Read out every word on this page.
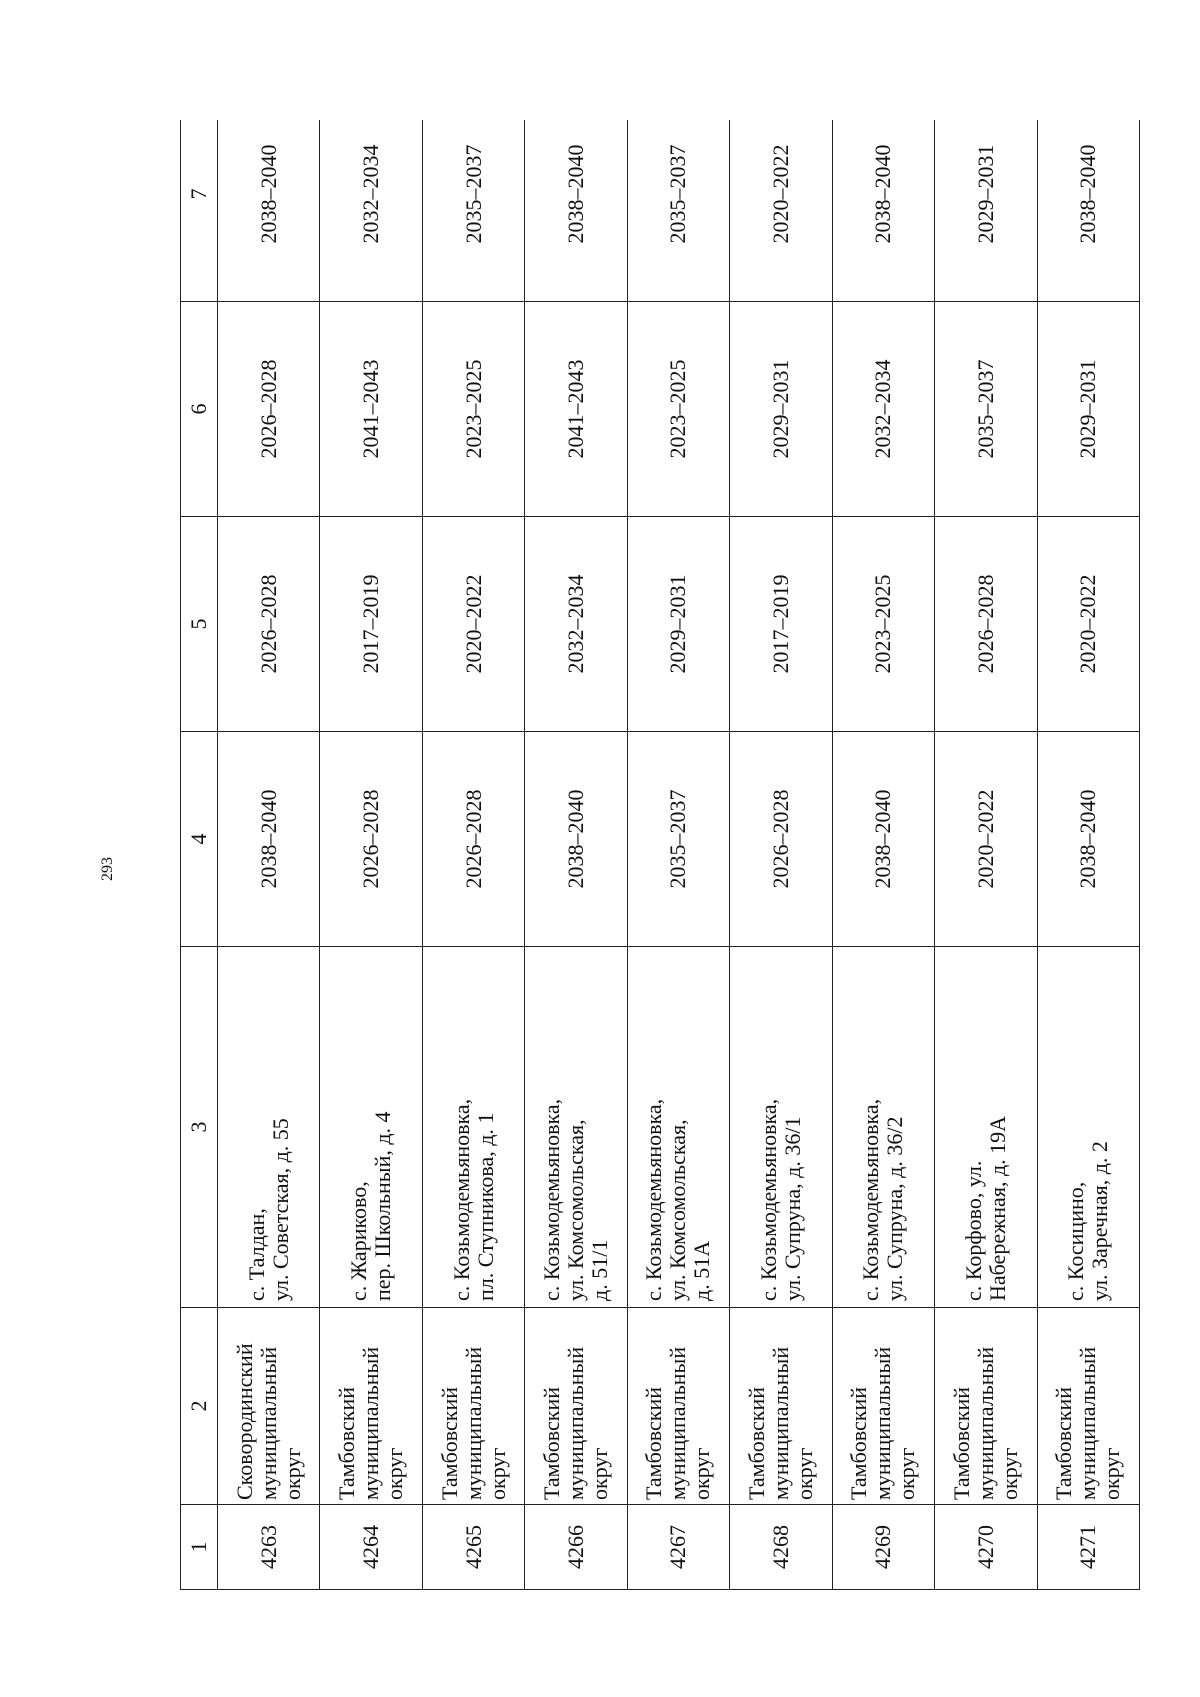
293
1	2	3	4	5	6	7
4263	Сковородинский муниципальный округ	с. Талдан, ул. Советская, д. 55	2038–2040	2026–2028	2026–2028	2038–2040
4264	Тамбовский муниципальный округ	с. Жариково, пер. Школьный, д. 4	2026–2028	2017–2019	2041–2043	2032–2034
4265	Тамбовский муниципальный округ	с. Козьмодемьяновка, пл. Ступникова, д. 1	2026–2028	2020–2022	2023–2025	2035–2037
4266	Тамбовский муниципальный округ	с. Козьмодемьяновка, ул. Комсомольская, д. 51/1	2038–2040	2032–2034	2041–2043	2038–2040
4267	Тамбовский муниципальный округ	с. Козьмодемьяновка, ул. Комсомольская, д. 51А	2035–2037	2029–2031	2023–2025	2035–2037
4268	Тамбовский муниципальный округ	с. Козьмодемьяновка, ул. Супруна, д. 36/1	2026–2028	2017–2019	2029–2031	2020–2022
4269	Тамбовский муниципальный округ	с. Козьмодемьяновка, ул. Супруна, д. 36/2	2038–2040	2023–2025	2032–2034	2038–2040
4270	Тамбовский муниципальный округ	с. Корфово, ул. Набережная, д. 19А	2020–2022	2026–2028	2035–2037	2029–2031
4271	Тамбовский муниципальный округ	с. Косицино, ул. Заречная, д. 2	2038–2040	2020–2022	2029–2031	2038–2040
